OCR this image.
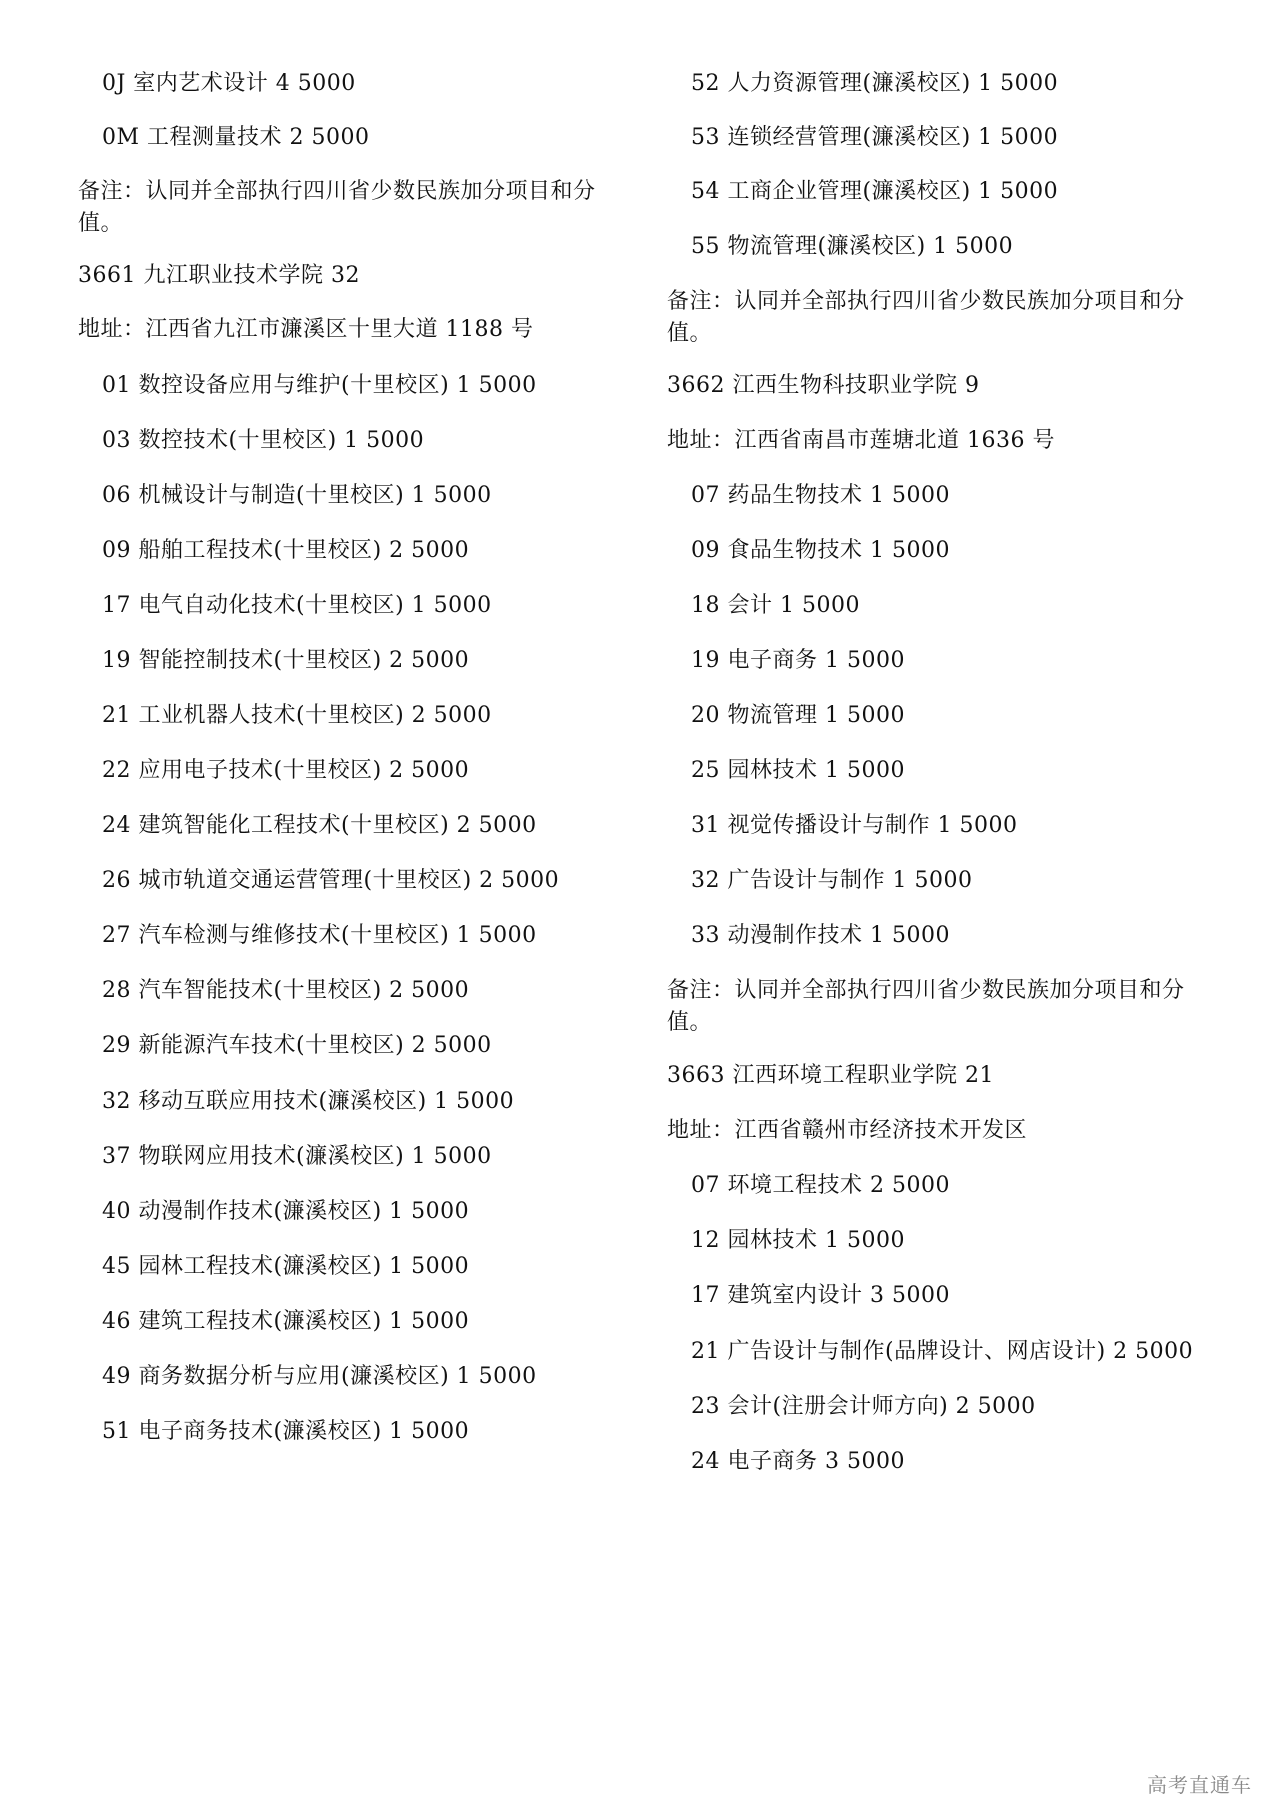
0J 室内艺术设计 4 5000
0M 工程测量技术 2 5000
备注：认同并全部执行四川省少数民族加分项目和分值。
3661 九江职业技术学院 32
地址：江西省九江市濂溪区十里大道 1188 号
01 数控设备应用与维护(十里校区) 1 5000
03 数控技术(十里校区) 1 5000
06 机械设计与制造(十里校区) 1 5000
09 船舶工程技术(十里校区) 2 5000
17 电气自动化技术(十里校区) 1 5000
19 智能控制技术(十里校区) 2 5000
21 工业机器人技术(十里校区) 2 5000
22 应用电子技术(十里校区) 2 5000
24 建筑智能化工程技术(十里校区) 2 5000
26 城市轨道交通运营管理(十里校区) 2 5000
27 汽车检测与维修技术(十里校区) 1 5000
28 汽车智能技术(十里校区) 2 5000
29 新能源汽车技术(十里校区) 2 5000
32 移动互联应用技术(濂溪校区) 1 5000
37 物联网应用技术(濂溪校区) 1 5000
40 动漫制作技术(濂溪校区) 1 5000
45 园林工程技术(濂溪校区) 1 5000
46 建筑工程技术(濂溪校区) 1 5000
49 商务数据分析与应用(濂溪校区) 1 5000
51 电子商务技术(濂溪校区) 1 5000
52 人力资源管理(濂溪校区) 1 5000
53 连锁经营管理(濂溪校区) 1 5000
54 工商企业管理(濂溪校区) 1 5000
55 物流管理(濂溪校区) 1 5000
备注：认同并全部执行四川省少数民族加分项目和分值。
3662 江西生物科技职业学院 9
地址：江西省南昌市莲塘北道 1636 号
07 药品生物技术 1 5000
09 食品生物技术 1 5000
18 会计 1 5000
19 电子商务 1 5000
20 物流管理 1 5000
25 园林技术 1 5000
31 视觉传播设计与制作 1 5000
32 广告设计与制作 1 5000
33 动漫制作技术 1 5000
备注：认同并全部执行四川省少数民族加分项目和分值。
3663 江西环境工程职业学院 21
地址：江西省赣州市经济技术开发区
07 环境工程技术 2 5000
12 园林技术 1 5000
17 建筑室内设计 3 5000
21 广告设计与制作(品牌设计、网店设计) 2 5000
23 会计(注册会计师方向) 2 5000
24 电子商务 3 5000
高考直通车
